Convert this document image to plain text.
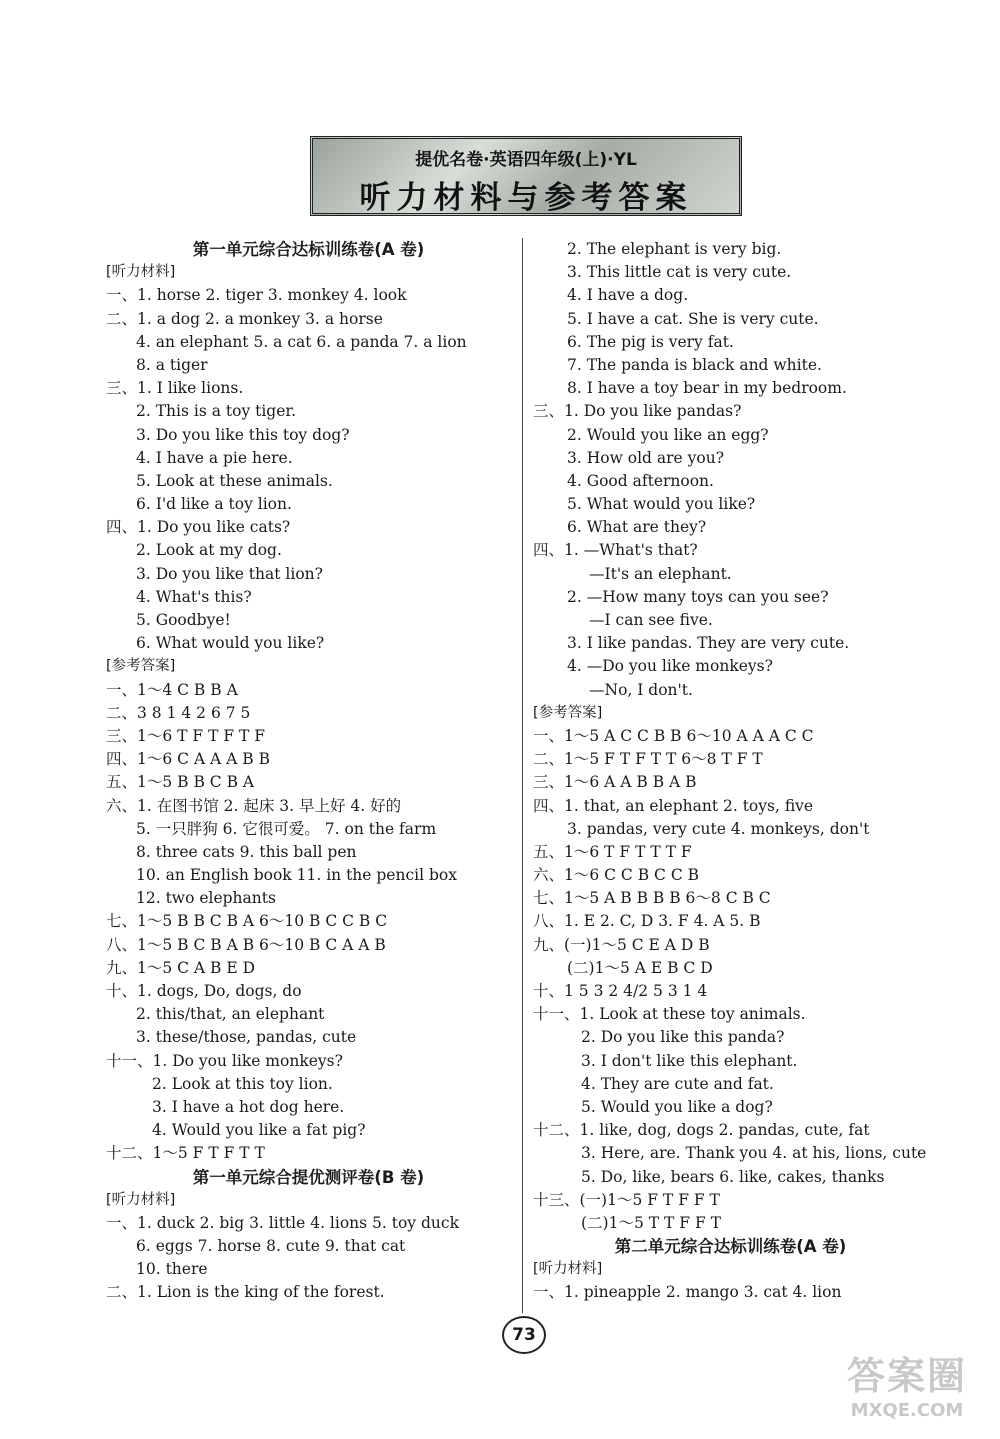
提优名卷·英语四年级(上)·YL
听力材料与参考答案
第一单元综合达标训练卷(A 卷)
[听力材料]
一、1. horse 2. tiger 3. monkey 4. look
二、1. a dog 2. a monkey 3. a horse
4. an elephant 5. a cat 6. a panda 7. a lion
8. a tiger
三、1. I like lions.
2. This is a toy tiger.
3. Do you like this toy dog?
4. I have a pie here.
5. Look at these animals.
6. I'd like a toy lion.
四、1. Do you like cats?
2. Look at my dog.
3. Do you like that lion?
4. What's this?
5. Goodbye!
6. What would you like?
[参考答案]
一、1～4 C B B A
二、3 8 1 4 2 6 7 5
三、1～6 T F T F T F
四、1～6 C A A A B B
五、1～5 B B C B A
六、1. 在图书馆 2. 起床 3. 早上好 4. 好的
5. 一只胖狗 6. 它很可爱。 7. on the farm
8. three cats 9. this ball pen
10. an English book 11. in the pencil box
12. two elephants
七、1～5 B B C B A 6～10 B C C B C
八、1～5 B C B A B 6～10 B C A A B
九、1～5 C A B E D
十、1. dogs, Do, dogs, do
2. this/that, an elephant
3. these/those, pandas, cute
十一、1. Do you like monkeys?
2. Look at this toy lion.
3. I have a hot dog here.
4. Would you like a fat pig?
十二、1～5 F T F T T
第一单元综合提优测评卷(B 卷)
[听力材料]
一、1. duck 2. big 3. little 4. lions 5. toy duck
6. eggs 7. horse 8. cute 9. that cat
10. there
二、1. Lion is the king of the forest.
2. The elephant is very big.
3. This little cat is very cute.
4. I have a dog.
5. I have a cat. She is very cute.
6. The pig is very fat.
7. The panda is black and white.
8. I have a toy bear in my bedroom.
三、1. Do you like pandas?
2. Would you like an egg?
3. How old are you?
4. Good afternoon.
5. What would you like?
6. What are they?
四、1. —What's that?
—It's an elephant.
2. —How many toys can you see?
—I can see five.
3. I like pandas. They are very cute.
4. —Do you like monkeys?
—No, I don't.
[参考答案]
一、1～5 A C C B B 6～10 A A A C C
二、1～5 F T F T T 6～8 T F T
三、1～6 A A B B A B
四、1. that, an elephant 2. toys, five
3. pandas, very cute 4. monkeys, don't
五、1～6 T F T T T F
六、1～6 C C B C C B
七、1～5 A B B B B 6～8 C B C
八、1. E 2. C, D 3. F 4. A 5. B
九、(一)1～5 C E A D B
(二)1～5 A E B C D
十、1 5 3 2 4/2 5 3 1 4
十一、1. Look at these toy animals.
2. Do you like this panda?
3. I don't like this elephant.
4. They are cute and fat.
5. Would you like a dog?
十二、1. like, dog, dogs 2. pandas, cute, fat
3. Here, are. Thank you 4. at his, lions, cute
5. Do, like, bears 6. like, cakes, thanks
十三、(一)1～5 F T F F T
(二)1～5 T T F F T
第二单元综合达标训练卷(A 卷)
[听力材料]
一、1. pineapple 2. mango 3. cat 4. lion
73
答案圈
MXQE.COM
